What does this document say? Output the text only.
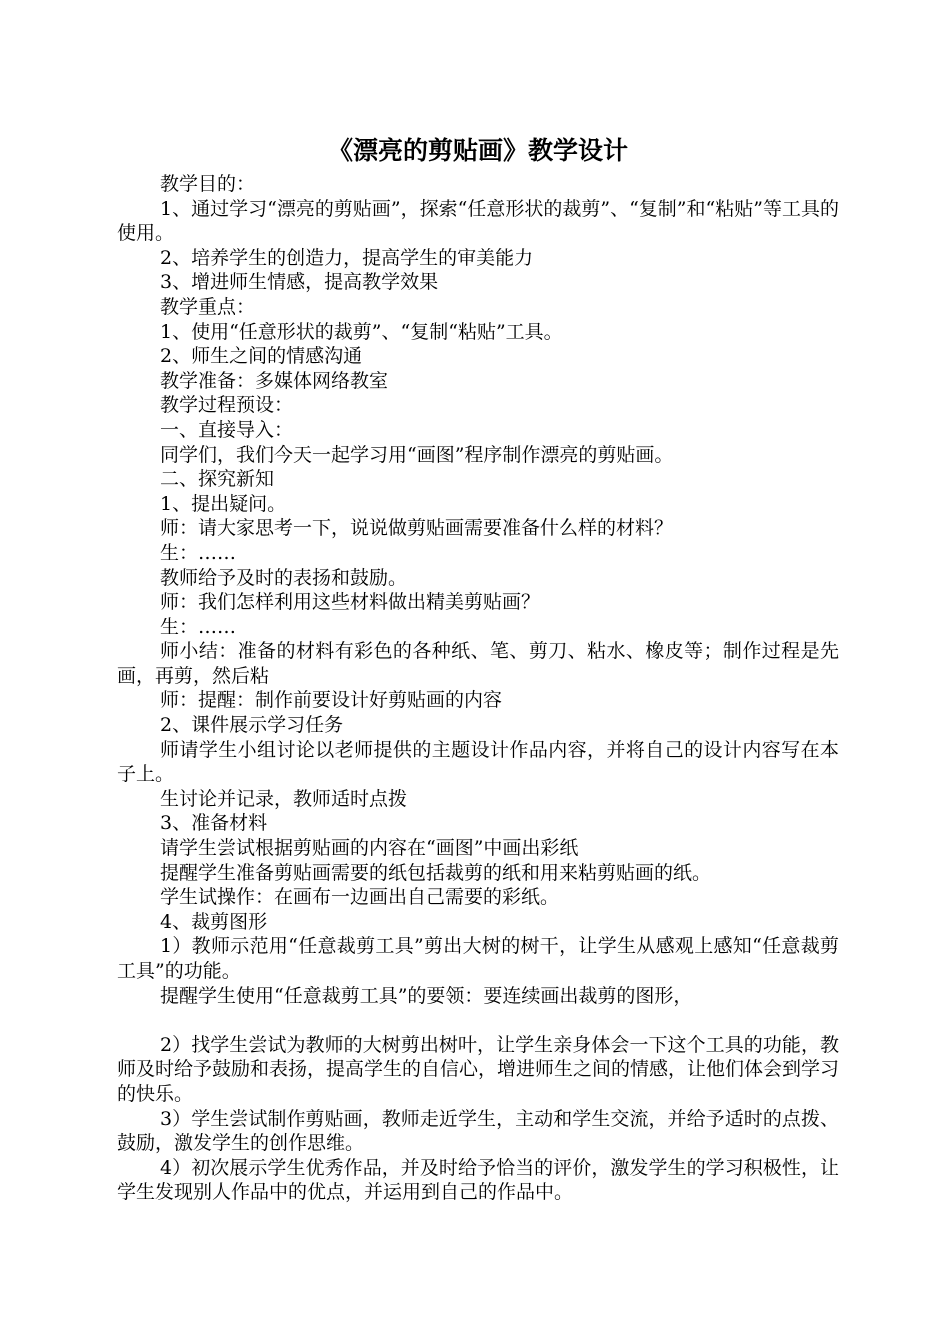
《漂亮的剪贴画》教学设计

教学目的：

1、通过学习“漂亮的剪贴画”，探索“任意形状的裁剪”、“复制”和“粘贴”等工具的使用。

2、培养学生的创造力，提高学生的审美能力

3、增进师生情感，提高教学效果

教学重点：

1、使用“任意形状的裁剪”、“复制“粘贴”工具。

2、师生之间的情感沟通

教学准备：多媒体网络教室

教学过程预设：

一、直接导入：

同学们，我们今天一起学习用“画图”程序制作漂亮的剪贴画。

二、探究新知

1、提出疑问。

师：请大家思考一下，说说做剪贴画需要准备什么样的材料？

生：……

教师给予及时的表扬和鼓励。

师：我们怎样利用这些材料做出精美剪贴画？

生：……

师小结：准备的材料有彩色的各种纸、笔、剪刀、粘水、橡皮等；制作过程是先画，再剪，然后粘

师：提醒：制作前要设计好剪贴画的内容

2、课件展示学习任务

师请学生小组讨论以老师提供的主题设计作品内容，并将自己的设计内容写在本子上。

生讨论并记录，教师适时点拨

3、准备材料

请学生尝试根据剪贴画的内容在“画图”中画出彩纸

提醒学生准备剪贴画需要的纸包括裁剪的纸和用来粘剪贴画的纸。

学生试操作：在画布一边画出自己需要的彩纸。

4、裁剪图形

1）教师示范用“任意裁剪工具”剪出大树的树干，让学生从感观上感知“任意裁剪工具”的功能。

提醒学生使用“任意裁剪工具”的要领：要连续画出裁剪的图形，

2）找学生尝试为教师的大树剪出树叶，让学生亲身体会一下这个工具的功能，教师及时给予鼓励和表扬，提高学生的自信心，增进师生之间的情感，让他们体会到学习的快乐。

3）学生尝试制作剪贴画，教师走近学生，主动和学生交流，并给予适时的点拨、鼓励，激发学生的创作思维。

4）初次展示学生优秀作品，并及时给予恰当的评价，激发学生的学习积极性，让学生发现别人作品中的优点，并运用到自己的作品中。
